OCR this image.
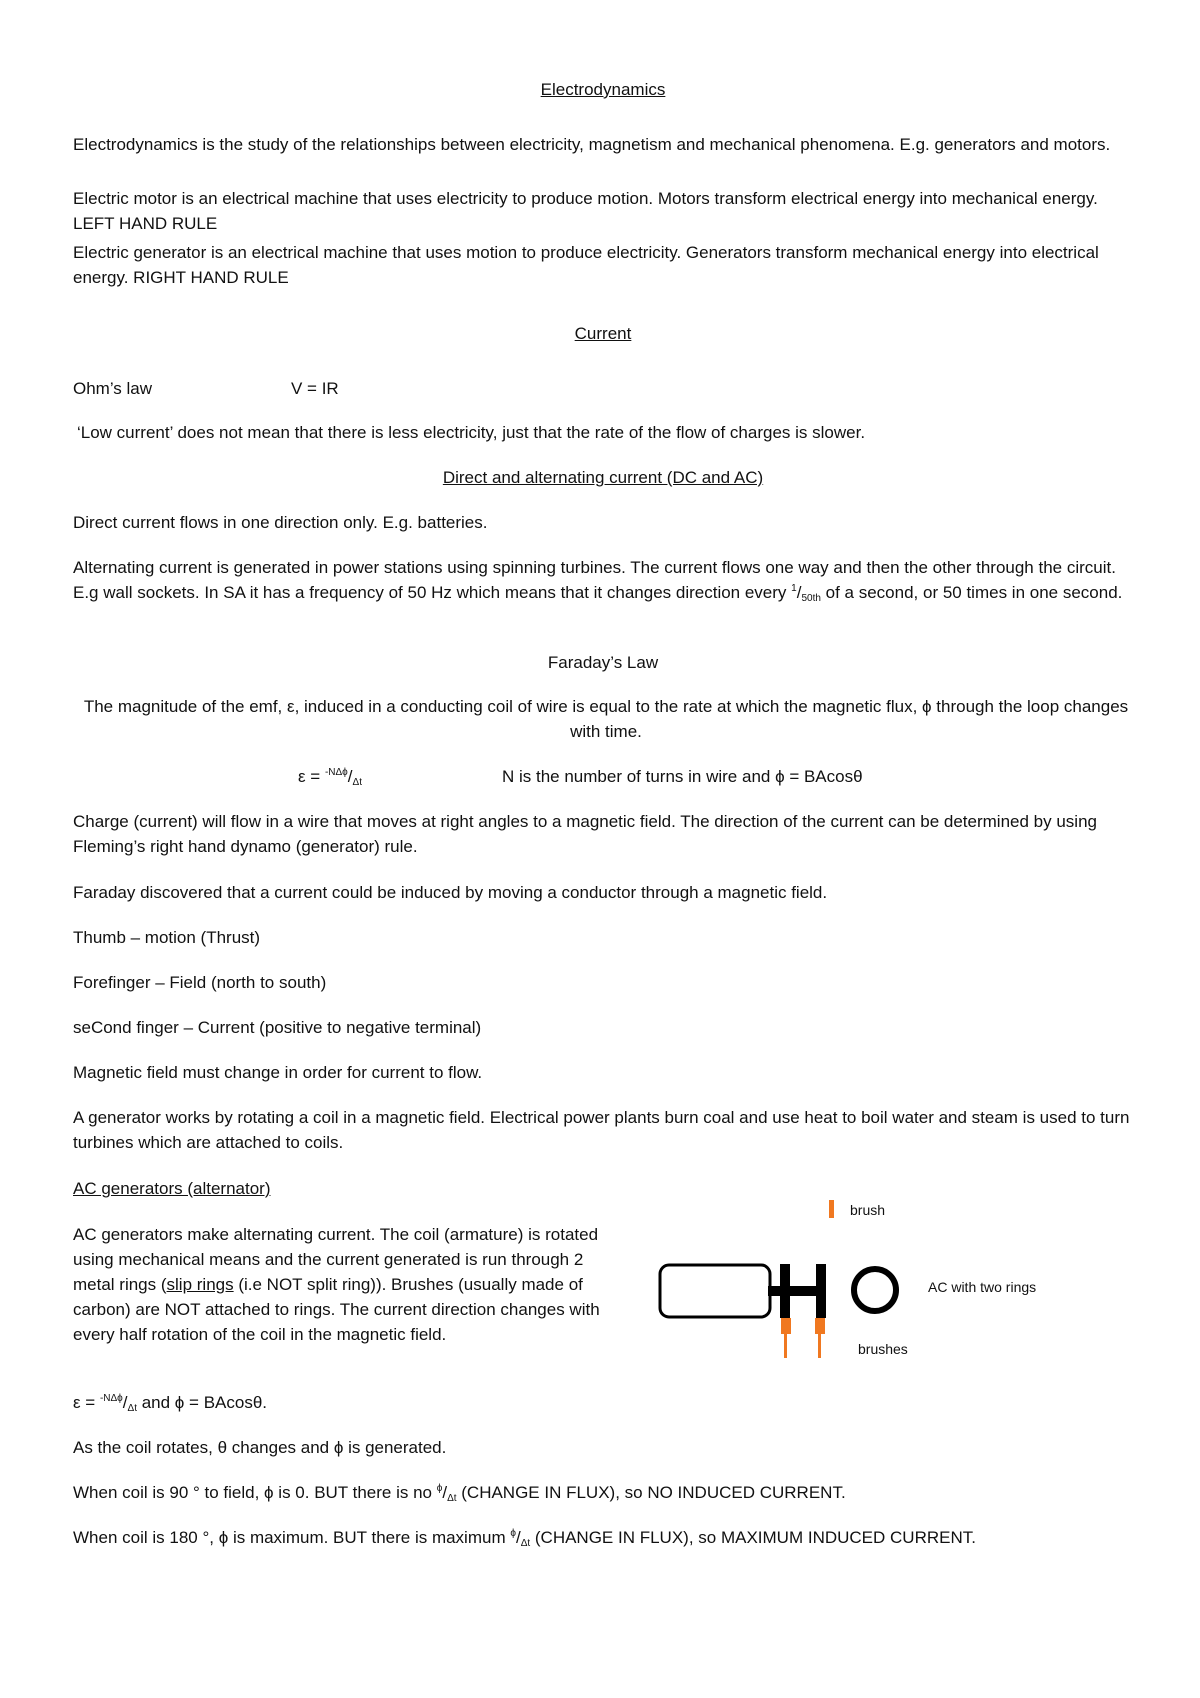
Electrodynamics
Electrodynamics is the study of the relationships between electricity, magnetism and mechanical phenomena. E.g. generators and motors.
Electric motor is an electrical machine that uses electricity to produce motion. Motors transform electrical energy into mechanical energy. LEFT HAND RULE
Electric generator is an electrical machine that uses motion to produce electricity. Generators transform mechanical energy into electrical energy. RIGHT HAND RULE
Current
Ohm’s law	V = IR
‘Low current’ does not mean that there is less electricity, just that the rate of the flow of charges is slower.
Direct and alternating current (DC and AC)
Direct current flows in one direction only. E.g. batteries.
Alternating current is generated in power stations using spinning turbines. The current flows one way and then the other through the circuit. E.g wall sockets. In SA it has a frequency of 50 Hz which means that it changes direction every $^1/_{50th}$ of a second, or 50 times in one second.
Faraday’s Law
The magnitude of the emf, ε, induced in a conducting coil of wire is equal to the rate at which the magnetic flux, ϕ through the loop changes with time.
$\varepsilon = ^{-N\Delta\phi}/_{\Delta t}$	N is the number of turns in wire and ϕ = BAcosθ
Charge (current) will flow in a wire that moves at right angles to a magnetic field. The direction of the current can be determined by using Fleming’s right hand dynamo (generator) rule.
Faraday discovered that a current could be induced by moving a conductor through a magnetic field.
Thumb – motion (Thrust)
Forefinger – Field (north to south)
seCond finger – Current (positive to negative terminal)
Magnetic field must change in order for current to flow.
A generator works by rotating a coil in a magnetic field. Electrical power plants burn coal and use heat to boil water and steam is used to turn turbines which are attached to coils.
AC generators (alternator)
AC generators make alternating current. The coil (armature) is rotated using mechanical means and the current generated is run through 2 metal rings (slip rings (i.e NOT split ring)). Brushes (usually made of carbon) are NOT attached to rings. The current direction changes with every half rotation of the coil in the magnetic field.
$\varepsilon = ^{-N\Delta\phi}/_{\Delta t}$ and ϕ = BAcosθ.
As the coil rotates, θ changes and ϕ is generated.
When coil is 90 ° to field, ϕ is 0. BUT there is no $^\phi/_{\Delta t}$ (CHANGE IN FLUX), so NO INDUCED CURRENT.
When coil is 180 °, ϕ is maximum. BUT there is maximum $^\phi/_{\Delta t}$ (CHANGE IN FLUX), so MAXIMUM INDUCED CURRENT.
brush
AC with two rings
brushes
